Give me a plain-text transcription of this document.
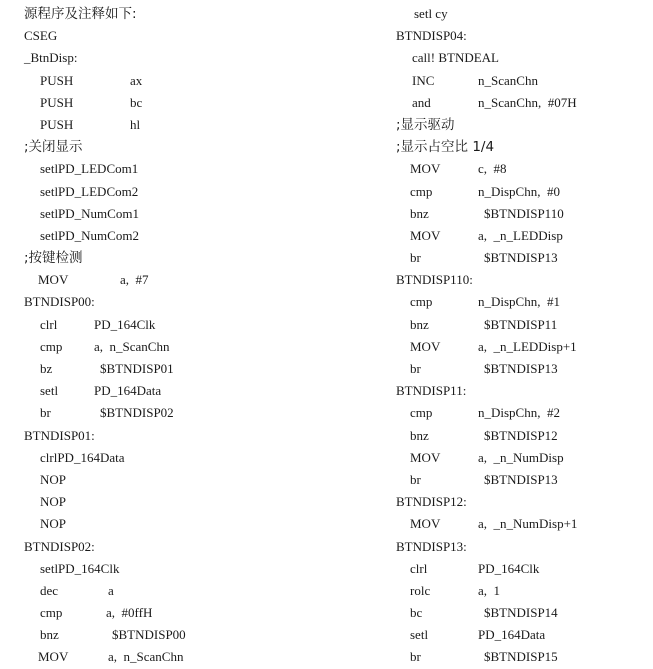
源程序及注释如下:
CSEG
_BtnDisp:
PUSH	ax
PUSH	bc
PUSH	hl
;关闭显示
setlPD_LEDCom1
setlPD_LEDCom2
setlPD_NumCom1
setlPD_NumCom2
;按键检测
MOV	a,  #7
BTNDISP00:
clrl	PD_164Clk
cmp a,  n_ScanChn
bz	$BTNDISP01
setl	PD_164Data
br	$BTNDISP02
BTNDISP01:
clrlPD_164Data
NOP
NOP
NOP
BTNDISP02:
setlPD_164Clk
dec	a
cmp	a,  #0ffH
bnz	$BTNDISP00
MOV	a,  n_ScanChn
setl cy
BTNDISP04:
call! BTNDEAL
INC	n_ScanChn
and	n_ScanChn,  #07H
;显示驱动
;显示占空比 1/4
MOV	c,  #8
cmp	n_DispChn,  #0
bnz	$BTNDISP110
MOV	a,  _n_LEDDisp
br	$BTNDISP13
BTNDISP110:
cmp	n_DispChn,  #1
bnz	$BTNDISP11
MOV	a,  _n_LEDDisp+1
br	$BTNDISP13
BTNDISP11:
cmp	n_DispChn,  #2
bnz	$BTNDISP12
MOV	a,  _n_NumDisp
br	$BTNDISP13
BTNDISP12:
MOV	a,  _n_NumDisp+1
BTNDISP13:
clrl	PD_164Clk
rolc	a,  1
bc	$BTNDISP14
setl	PD_164Data
br	$BTNDISP15
